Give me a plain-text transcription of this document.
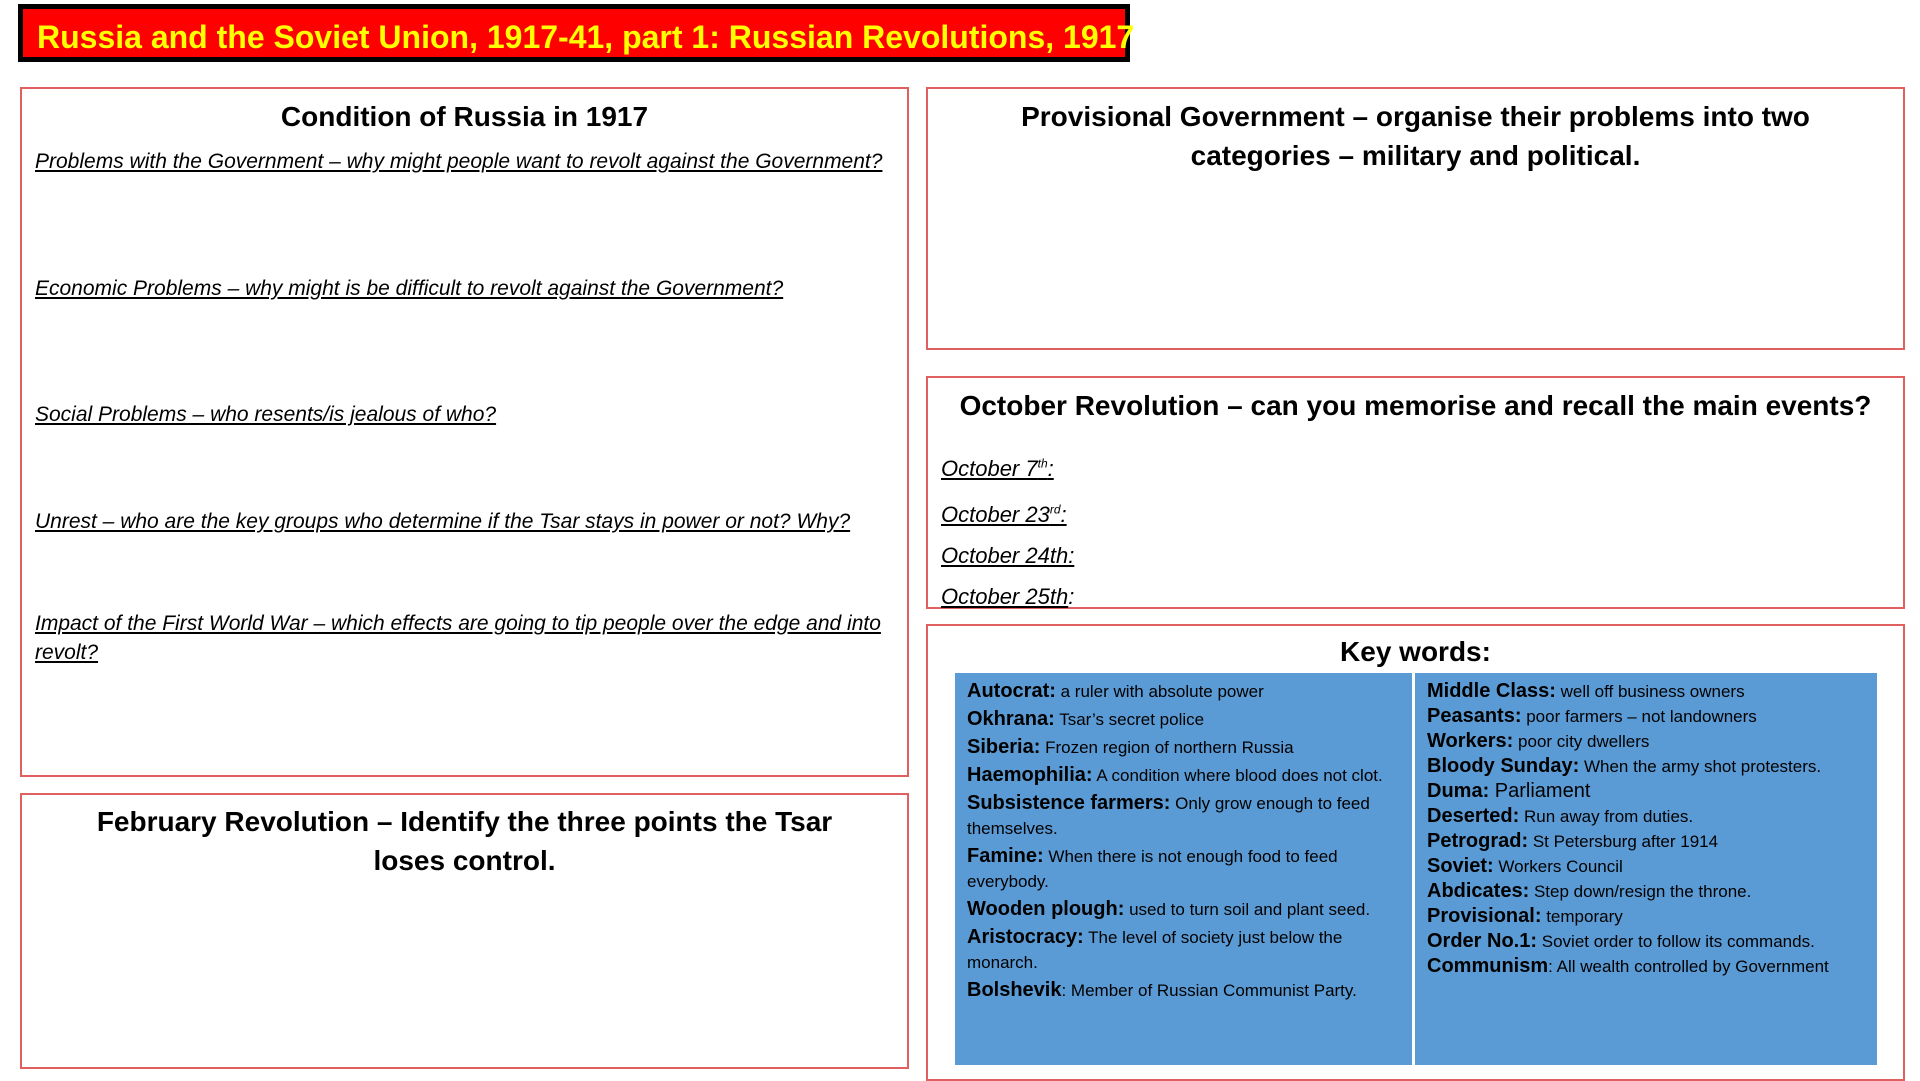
Russia and the Soviet Union, 1917-41, part 1: Russian Revolutions, 1917
Condition of Russia in 1917
Problems with the Government – why might people want to revolt against the Government?
Economic Problems – why might is be difficult to revolt against the Government?
Social Problems – who resents/is jealous of who?
Unrest – who are the key groups who determine if the Tsar stays in power or not? Why?
Impact of the First World War – which effects are going to tip people over the edge and into revolt?
Provisional Government – organise their problems into two categories – military and political.
October Revolution – can you memorise and recall the main events?
October 7th:
October 23rd:
October 24th:
October 25th:
February Revolution – Identify the three points the Tsar loses control.
Key words:
Autocrat: a ruler with absolute power
Okhrana: Tsar’s secret police
Siberia: Frozen region of northern Russia
Haemophilia: A condition where blood does not clot.
Subsistence farmers: Only grow enough to feed themselves.
Famine: When there is not enough food to feed everybody.
Wooden plough: used to turn soil and plant seed.
Aristocracy: The level of society just below the monarch.
Bolshevik: Member of Russian Communist Party.
Middle Class: well off business owners
Peasants: poor farmers – not landowners
Workers: poor city dwellers
Bloody Sunday: When the army shot protesters.
Duma: Parliament
Deserted: Run away from duties.
Petrograd: St Petersburg after 1914
Soviet: Workers Council
Abdicates: Step down/resign the throne.
Provisional: temporary
Order No.1: Soviet order to follow its commands.
Communism: All wealth controlled by Government
